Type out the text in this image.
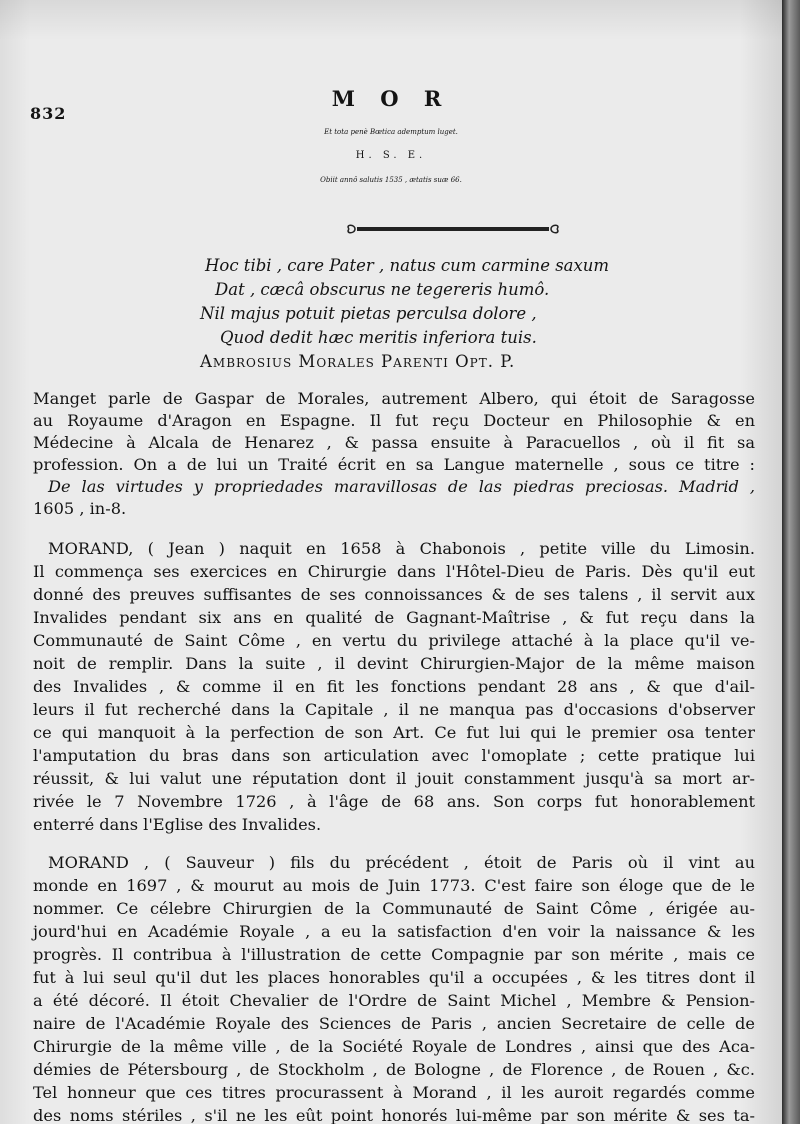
832
M O R
Et tota penè Bœtica ademptum luget.
H. S. E.
Obiit annô salutis 1535 , ætatis suæ 66.
Hoc tibi , care Pater , natus cum carmine saxum
Dat , cæcâ obscurus ne tegereris humô.
Nil majus potuit pietas perculsa dolore ,
Quod dedit hæc meritis inferiora tuis.
Ambrosius Morales Parenti Opt. P.
Manget parle de Gaspar de Morales, autrement Albero, qui étoit de Saragosse
au Royaume d'Aragon en Espagne. Il fut reçu Docteur en Philosophie & en
Médecine à Alcala de Henarez , & passa ensuite à Paracuellos , où il fit sa
profession. On a de lui un Traité écrit en sa Langue maternelle , sous ce titre :
De las virtudes y propriedades maravillosas de las piedras preciosas. Madrid ,
1605 , in-8.
MORAND, ( Jean ) naquit en 1658 à Chabonois , petite ville du Limosin.
Il commença ses exercices en Chirurgie dans l'Hôtel-Dieu de Paris. Dès qu'il eut
donné des preuves suffisantes de ses connoissances & de ses talens , il servit aux
Invalides pendant six ans en qualité de Gagnant-Maîtrise , & fut reçu dans la
Communauté de Saint Côme , en vertu du privilege attaché à la place qu'il ve-
noit de remplir. Dans la suite , il devint Chirurgien-Major de la même maison
des Invalides , & comme il en fit les fonctions pendant 28 ans , & que d'ail-
leurs il fut recherché dans la Capitale , il ne manqua pas d'occasions d'observer
ce qui manquoit à la perfection de son Art. Ce fut lui qui le premier osa tenter
l'amputation du bras dans son articulation avec l'omoplate ; cette pratique lui
réussit, & lui valut une réputation dont il jouit constamment jusqu'à sa mort ar-
rivée le 7 Novembre 1726 , à l'âge de 68 ans. Son corps fut honorablement
enterré dans l'Eglise des Invalides.
MORAND , ( Sauveur ) fils du précédent , étoit de Paris où il vint au
monde en 1697 , & mourut au mois de Juin 1773. C'est faire son éloge que de le
nommer. Ce célebre Chirurgien de la Communauté de Saint Côme , érigée au-
jourd'hui en Académie Royale , a eu la satisfaction d'en voir la naissance & les
progrès. Il contribua à l'illustration de cette Compagnie par son mérite , mais ce
fut à lui seul qu'il dut les places honorables qu'il a occupées , & les titres dont il
a été décoré. Il étoit Chevalier de l'Ordre de Saint Michel , Membre & Pension-
naire de l'Académie Royale des Sciences de Paris , ancien Secretaire de celle de
Chirurgie de la même ville , de la Société Royale de Londres , ainsi que des Aca-
démies de Pétersbourg , de Stockholm , de Bologne , de Florence , de Rouen , &c.
Tel honneur que ces titres procurassent à Morand , il les auroit regardés comme
des noms stériles , s'il ne les eût point honorés lui-même par son mérite & ses ta-
